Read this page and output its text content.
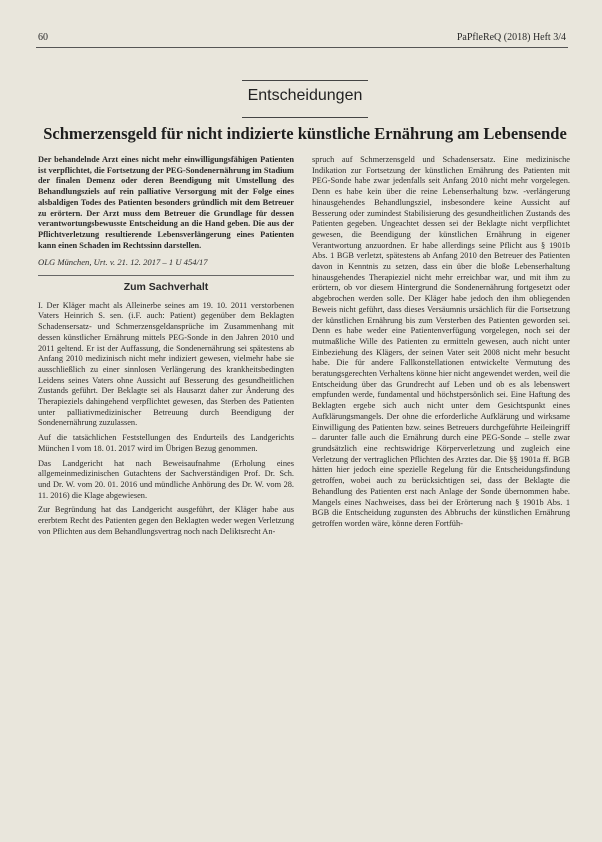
60	PaPfleReQ (2018) Heft 3/4
Entscheidungen
Schmerzensgeld für nicht indizierte künstliche Ernährung am Lebensende

Der behandelnde Arzt eines nicht mehr einwilligungsfähigen Patienten ist verpflichtet, die Fortsetzung der PEG-Sondenernährung im Stadium der finalen Demenz oder deren Beendigung mit Umstellung des Behandlungsziels auf rein palliative Versorgung mit der Folge eines alsbaldigen Todes des Patienten besonders gründlich mit dem Betreuer zu erörtern. Der Arzt muss dem Betreuer die Grundlage für dessen verantwortungsbewusste Entscheidung an die Hand geben. Die aus der Pflichtverletzung resultierende Lebensverlängerung eines Patienten kann einen Schaden im Rechtssinn darstellen.

OLG München, Urt. v. 21. 12. 2017 – 1 U 454/17

Zum Sachverhalt

I. Der Kläger macht als Alleinerbe seines am 19. 10. 2011 verstorbenen Vaters Heinrich S. sen. (i.F. auch: Patient) gegenüber dem Beklagten Schadensersatz- und Schmerzensgeldansprüche im Zusammenhang mit dessen künstlicher Ernährung mittels PEG-Sonde in den Jahren 2010 und 2011 geltend. Er ist der Auffassung, die Sondenernährung sei spätestens ab Anfang 2010 medizinisch nicht mehr indiziert gewesen, vielmehr habe sie ausschließlich zu einer sinnlosen Verlängerung des krankheitsbedingten Leidens seines Vaters ohne Aussicht auf Besserung des gesundheitlichen Zustands geführt. Der Beklagte sei als Hausarzt daher zur Änderung des Therapieziels dahingehend verpflichtet gewesen, das Sterben des Patienten unter palliativmedizinischer Betreuung durch Beendigung der Sondenernährung zuzulassen.

Auf die tatsächlichen Feststellungen des Endurteils des Landgerichts München I vom 18. 01. 2017 wird im Übrigen Bezug genommen.

Das Landgericht hat nach Beweisaufnahme (Erholung eines allgemeinmedizinischen Gutachtens der Sachverständigen Prof. Dr. Sch. und Dr. W. vom 20. 01. 2016 und mündliche Anhörung des Dr. W. vom 28. 11. 2016) die Klage abgewiesen.

Zur Begründung hat das Landgericht ausgeführt, der Kläger habe aus ererbtem Recht des Patienten gegen den Beklagten weder wegen Verletzung von Pflichten aus dem Behandlungsvertrag noch nach Deliktsrecht An-

spruch auf Schmerzensgeld und Schadensersatz. Eine medizinische Indikation zur Fortsetzung der künstlichen Ernährung des Patienten mit PEG-Sonde habe zwar jedenfalls seit Anfang 2010 nicht mehr vorgelegen. Denn es habe kein über die reine Lebenserhaltung bzw. -verlängerung hinausgehendes Behandlungsziel, insbesondere keine Aussicht auf Besserung oder zumindest Stabilisierung des gesundheitlichen Zustands des Patienten gegeben. Ungeachtet dessen sei der Beklagte nicht verpflichtet gewesen, die Beendigung der künstlichen Ernährung in eigener Verantwortung anzuordnen. Er habe allerdings seine Pflicht aus § 1901b Abs. 1 BGB verletzt, spätestens ab Anfang 2010 den Betreuer des Patienten davon in Kenntnis zu setzen, dass ein über die bloße Lebenserhaltung hinausgehendes Therapieziel nicht mehr erreichbar war, und mit ihm zu erörtern, ob vor diesem Hintergrund die Sondenernährung fortgesetzt oder abgebrochen werden solle. Der Kläger habe jedoch den ihm obliegenden Beweis nicht geführt, dass dieses Versäumnis ursächlich für die Fortsetzung der künstlichen Ernährung bis zum Versterben des Patienten geworden sei. Denn es habe weder eine Patientenverfügung vorgelegen, noch sei der mutmaßliche Wille des Patienten zu ermitteln gewesen, auch nicht unter Einbeziehung des Klägers, der seinen Vater seit 2008 nicht mehr besucht habe. Die für andere Fallkonstellationen entwickelte Vermutung des beratungsgerechten Verhaltens könne hier nicht angewendet werden, weil die Entscheidung über das Grundrecht auf Leben und ob es als lebenswert empfunden werde, fundamental und höchstpersönlich sei. Eine Haftung des Beklagten ergebe sich auch nicht unter dem Gesichtspunkt eines Aufklärungsmangels. Der ohne die erforderliche Aufklärung und wirksame Einwilligung des Patienten bzw. seines Betreuers durchgeführte Heileingriff – darunter falle auch die Ernährung durch eine PEG-Sonde – stelle zwar grundsätzlich eine rechtswidrige Körperverletzung und zugleich eine Verletzung der vertraglichen Pflichten des Arztes dar. Die §§ 1901a ff. BGB hätten hier jedoch eine spezielle Regelung für die Entscheidungsfindung getroffen, wobei auch zu berücksichtigen sei, dass der Beklagte die Behandlung des Patienten erst nach Anlage der Sonde übernommen habe. Mangels eines Nachweises, dass bei der Erörterung nach § 1901b Abs. 1 BGB die Entscheidung zugunsten des Abbruchs der künstlichen Ernährung getroffen worden wäre, könne deren Fortfüh-
